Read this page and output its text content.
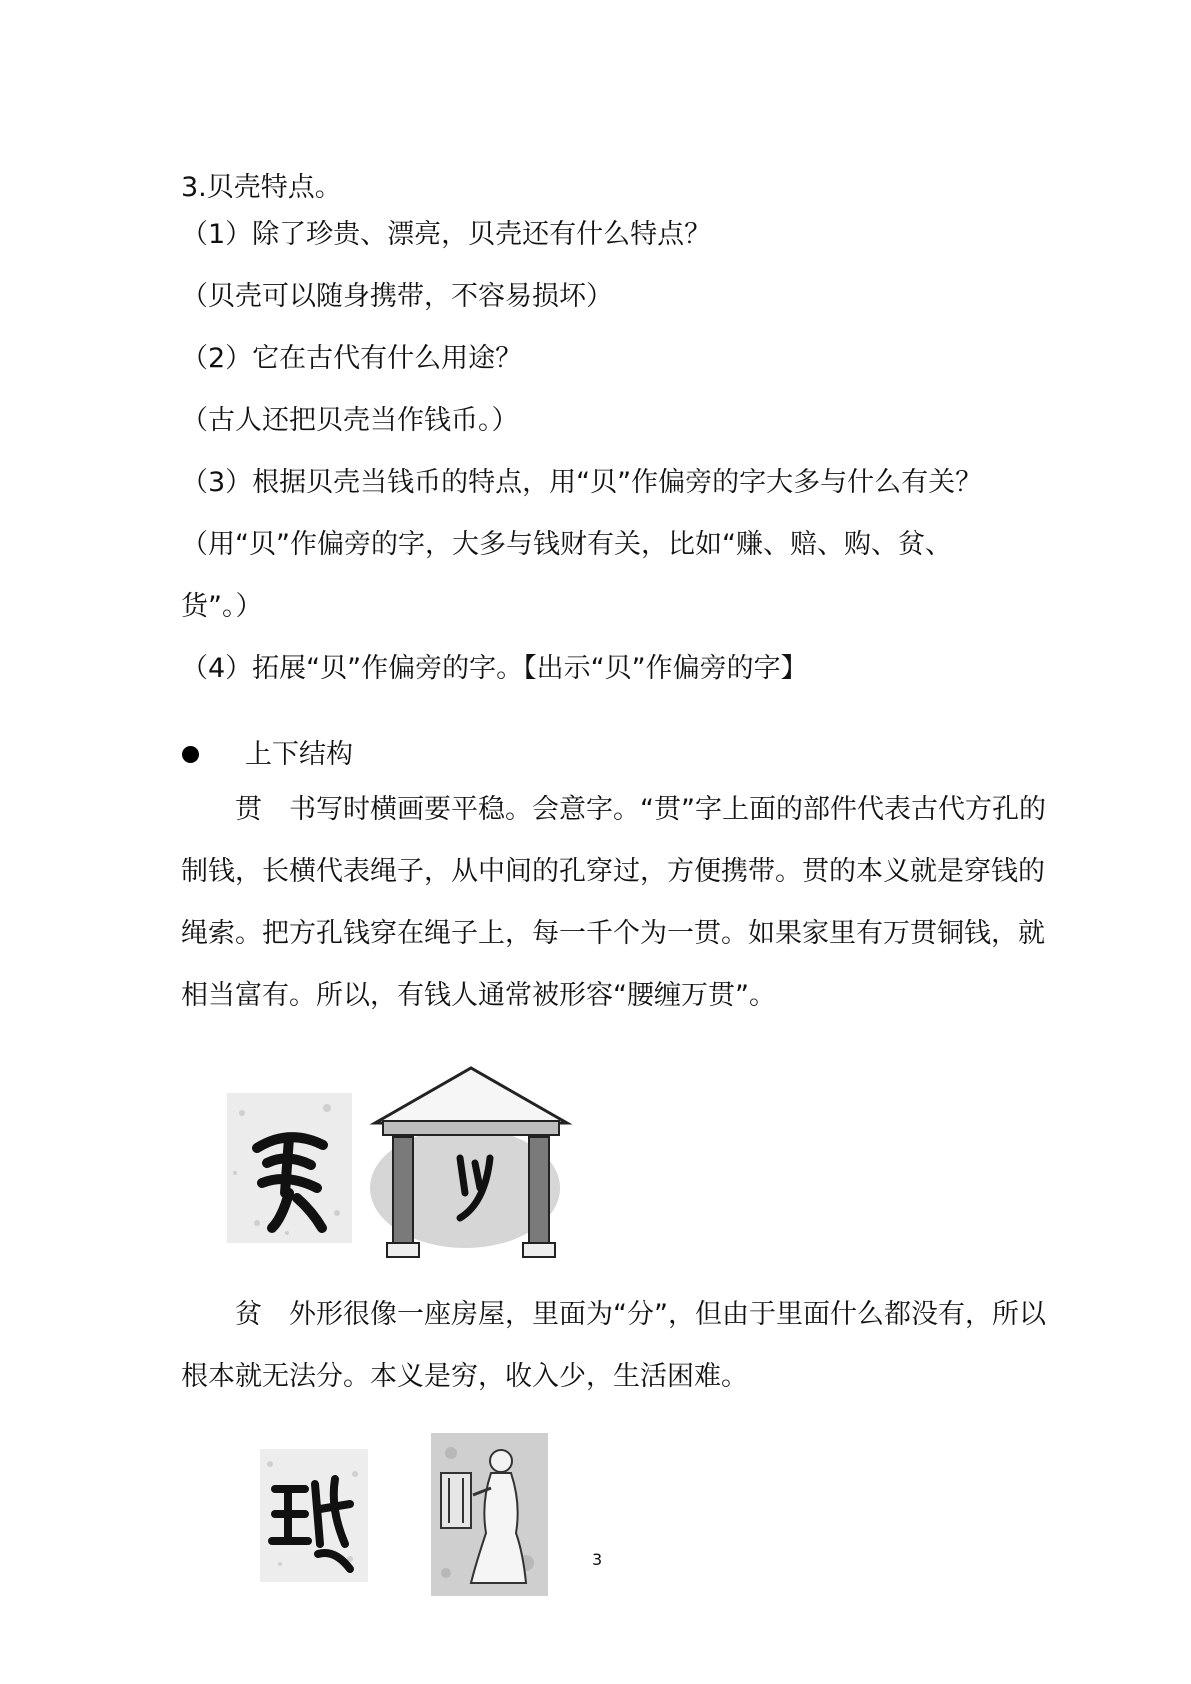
3.贝壳特点。
（1）除了珍贵、漂亮，贝壳还有什么特点？
（贝壳可以随身携带，不容易损坏）
（2）它在古代有什么用途？
（古人还把贝壳当作钱币。）
（3）根据贝壳当钱币的特点，用“贝”作偏旁的字大多与什么有关？
（用“贝”作偏旁的字，大多与钱财有关，比如“赚、赔、购、贫、
货”。）
（4）拓展“贝”作偏旁的字。【出示“贝”作偏旁的字】
上下结构
贯　书写时横画要平稳。会意字。“贯”字上面的部件代表古代方孔的制钱，长横代表绳子，从中间的孔穿过，方便携带。贯的本义就是穿钱的绳索。把方孔钱穿在绳子上，每一千个为一贯。如果家里有万贯铜钱，就相当富有。所以，有钱人通常被形容“腰缠万贯”。
贫　外形很像一座房屋，里面为“分”，但由于里面什么都没有，所以根本就无法分。本义是穷，收入少，生活困难。
3
